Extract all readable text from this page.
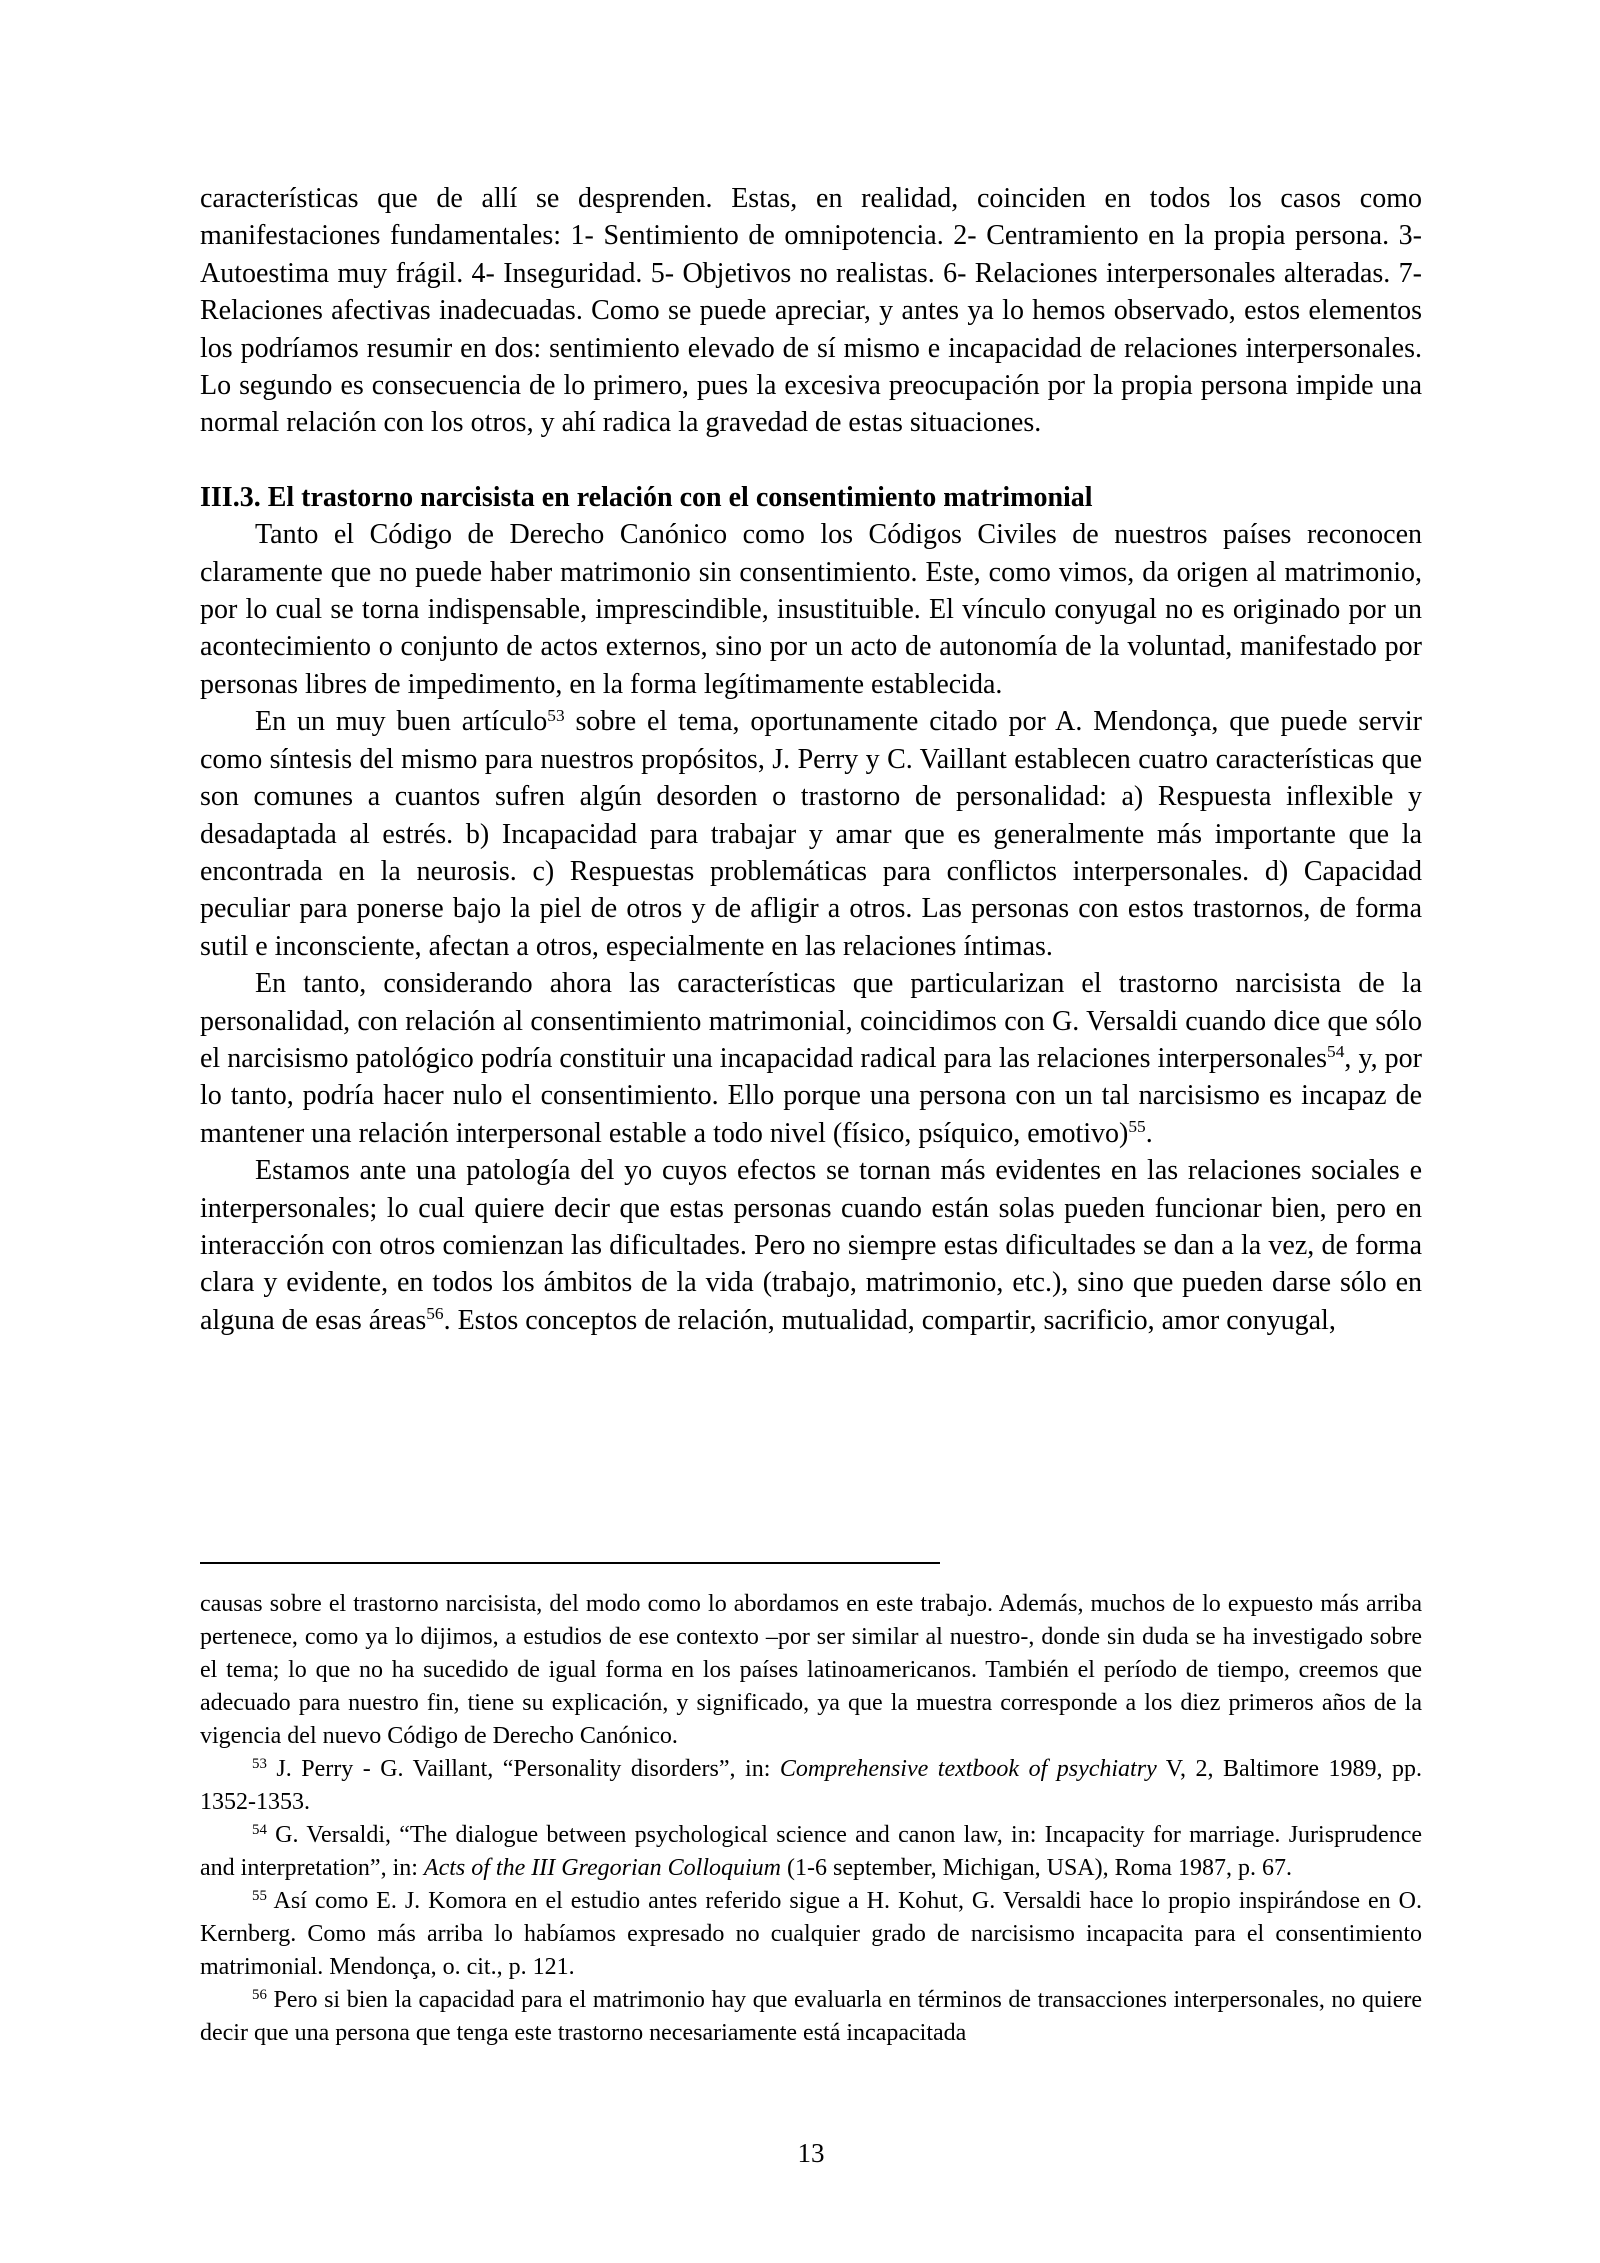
características que de allí se desprenden. Estas, en realidad, coinciden en todos los casos como manifestaciones fundamentales: 1- Sentimiento de omnipotencia. 2- Centramiento en la propia persona. 3- Autoestima muy frágil. 4- Inseguridad. 5- Objetivos no realistas. 6- Relaciones interpersonales alteradas. 7- Relaciones afectivas inadecuadas. Como se puede apreciar, y antes ya lo hemos observado, estos elementos los podríamos resumir en dos: sentimiento elevado de sí mismo e incapacidad de relaciones interpersonales. Lo segundo es consecuencia de lo primero, pues la excesiva preocupación por la propia persona impide una normal relación con los otros, y ahí radica la gravedad de estas situaciones.

III.3. El trastorno narcisista en relación con el consentimiento matrimonial

Tanto el Código de Derecho Canónico como los Códigos Civiles de nuestros países reconocen claramente que no puede haber matrimonio sin consentimiento. Este, como vimos, da origen al matrimonio, por lo cual se torna indispensable, imprescindible, insustituible. El vínculo conyugal no es originado por un acontecimiento o conjunto de actos externos, sino por un acto de autonomía de la voluntad, manifestado por personas libres de impedimento, en la forma legítimamente establecida.

En un muy buen artículo$^{53}$ sobre el tema, oportunamente citado por A. Mendonça, que puede servir como síntesis del mismo para nuestros propósitos, J. Perry y C. Vaillant establecen cuatro características que son comunes a cuantos sufren algún desorden o trastorno de personalidad: a) Respuesta inflexible y desadaptada al estrés. b) Incapacidad para trabajar y amar que es generalmente más importante que la encontrada en la neurosis. c) Respuestas problemáticas para conflictos interpersonales. d) Capacidad peculiar para ponerse bajo la piel de otros y de afligir a otros. Las personas con estos trastornos, de forma sutil e inconsciente, afectan a otros, especialmente en las relaciones íntimas.

En tanto, considerando ahora las características que particularizan el trastorno narcisista de la personalidad, con relación al consentimiento matrimonial, coincidimos con G. Versaldi cuando dice que sólo el narcisismo patológico podría constituir una incapacidad radical para las relaciones interpersonales$^{54}$, y, por lo tanto, podría hacer nulo el consentimiento. Ello porque una persona con un tal narcisismo es incapaz de mantener una relación interpersonal estable a todo nivel (físico, psíquico, emotivo)$^{55}$.

Estamos ante una patología del yo cuyos efectos se tornan más evidentes en las relaciones sociales e interpersonales; lo cual quiere decir que estas personas cuando están solas pueden funcionar bien, pero en interacción con otros comienzan las dificultades. Pero no siempre estas dificultades se dan a la vez, de forma clara y evidente, en todos los ámbitos de la vida (trabajo, matrimonio, etc.), sino que pueden darse sólo en alguna de esas áreas$^{56}$. Estos conceptos de relación, mutualidad, compartir, sacrificio, amor conyugal,

causas sobre el trastorno narcisista, del modo como lo abordamos en este trabajo. Además, muchos de lo expuesto más arriba pertenece, como ya lo dijimos, a estudios de ese contexto –por ser similar al nuestro-, donde sin duda se ha investigado sobre el tema; lo que no ha sucedido de igual forma en los países latinoamericanos. También el período de tiempo, creemos que adecuado para nuestro fin, tiene su explicación, y significado, ya que la muestra corresponde a los diez primeros años de la vigencia del nuevo Código de Derecho Canónico.

$^{53}$ J. Perry - G. Vaillant, “Personality disorders”, in: Comprehensive textbook of psychiatry V, 2, Baltimore 1989, pp. 1352-1353.

$^{54}$ G. Versaldi, “The dialogue between psychological science and canon law, in: Incapacity for marriage. Jurisprudence and interpretation”, in: Acts of the III Gregorian Colloquium (1-6 september, Michigan, USA), Roma 1987, p. 67.

$^{55}$ Así como E. J. Komora en el estudio antes referido sigue a H. Kohut, G. Versaldi hace lo propio inspirándose en O. Kernberg. Como más arriba lo habíamos expresado no cualquier grado de narcisismo incapacita para el consentimiento matrimonial. Mendonça, o. cit., p. 121.

$^{56}$ Pero si bien la capacidad para el matrimonio hay que evaluarla en términos de transacciones interpersonales, no quiere decir que una persona que tenga este trastorno necesariamente está incapacitada

13
